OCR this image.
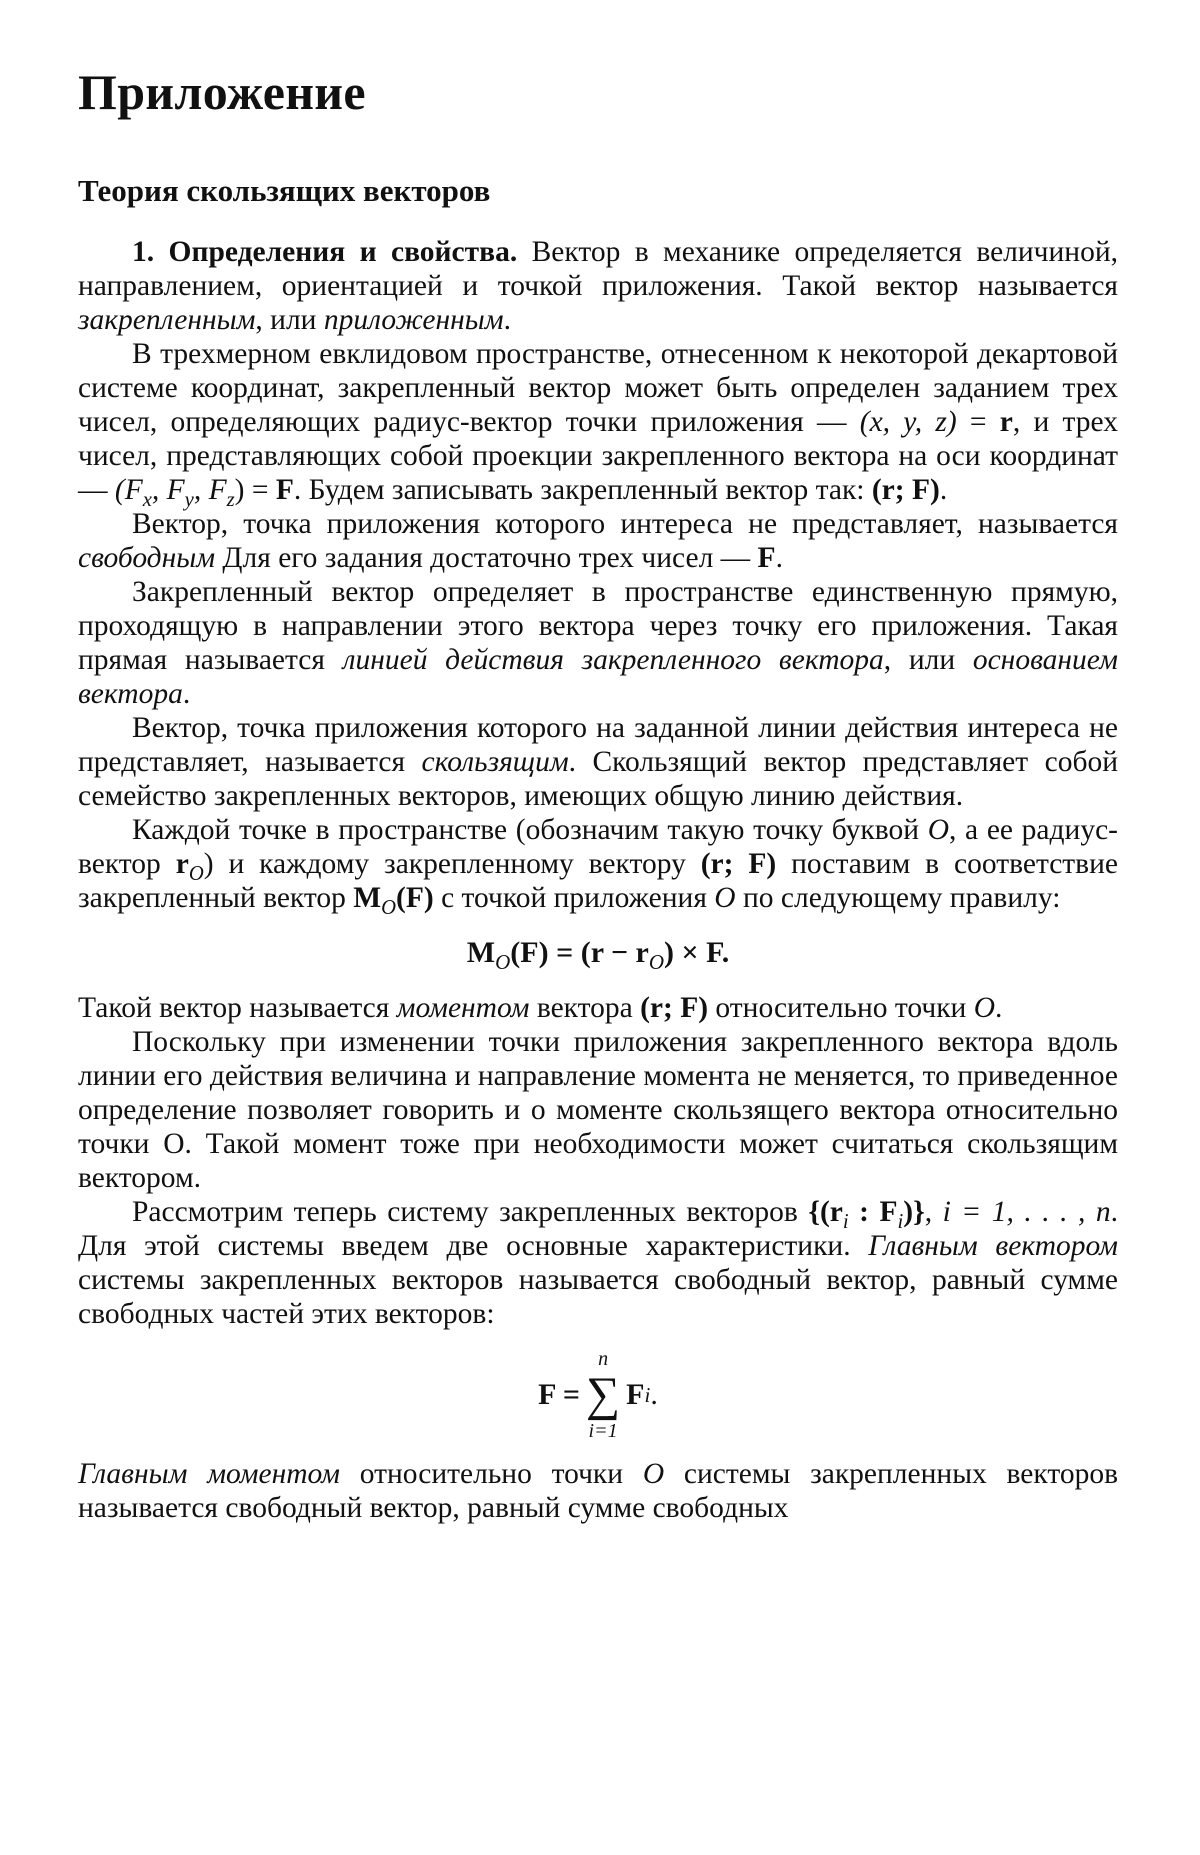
Приложение
Теория скользящих векторов

1. Определения и свойства. Вектор в механике определяется величиной, направлением, ориентацией и точкой приложения. Такой вектор называется закрепленным, или приложенным.

В трехмерном евклидовом пространстве, отнесенном к некоторой декартовой системе координат, закрепленный вектор может быть определен заданием трех чисел, определяющих радиус-вектор точки приложения — (x, y, z) = r, и трех чисел, представляющих собой проекции закрепленного вектора на оси координат — ($F_x$, $F_y$, $F_z) = F$. Будем записывать закрепленный вектор так: (r; F).

Вектор, точка приложения которого интереса не представляет, называется свободным Для его задания достаточно трех чисел — F.

Закрепленный вектор определяет в пространстве единственную прямую, проходящую в направлении этого вектора через точку его приложения. Такая прямая называется линией действия закрепленного вектора, или основанием вектора.

Вектор, точка приложения которого на заданной линии действия интереса не представляет, называется скользящим. Скользящий вектор представляет собой семейство закрепленных векторов, имеющих общую линию действия.

Каждой точке в пространстве (обозначим такую точку буквой O, а ее радиус-вектор $r_O$) и каждому закрепленному вектору (r; F) поставим в соответствие закрепленный вектор $M_O(F)$ с точкой приложения O по следующему правилу:

$M_O(F) = (r - r_O) \times F$.

Такой вектор называется моментом вектора (r; F) относительно точки O.

Поскольку при изменении точки приложения закрепленного вектора вдоль линии его действия величина и направление момента не меняется, то приведенное определение позволяет говорить и о моменте скользящего вектора относительно точки O. Такой момент тоже при необходимости может считаться скользящим вектором.

Рассмотрим теперь систему закрепленных векторов {($r_i$ : $F_i$)}, i = 1, . . . , n. Для этой системы введем две основные характеристики. Главным вектором системы закрепленных векторов называется свободный вектор, равный сумме свободных частей этих векторов:

F =
n
∑
i=1
F i .

Главным моментом относительно точки O системы закрепленных векторов называется свободный вектор, равный сумме свободных
